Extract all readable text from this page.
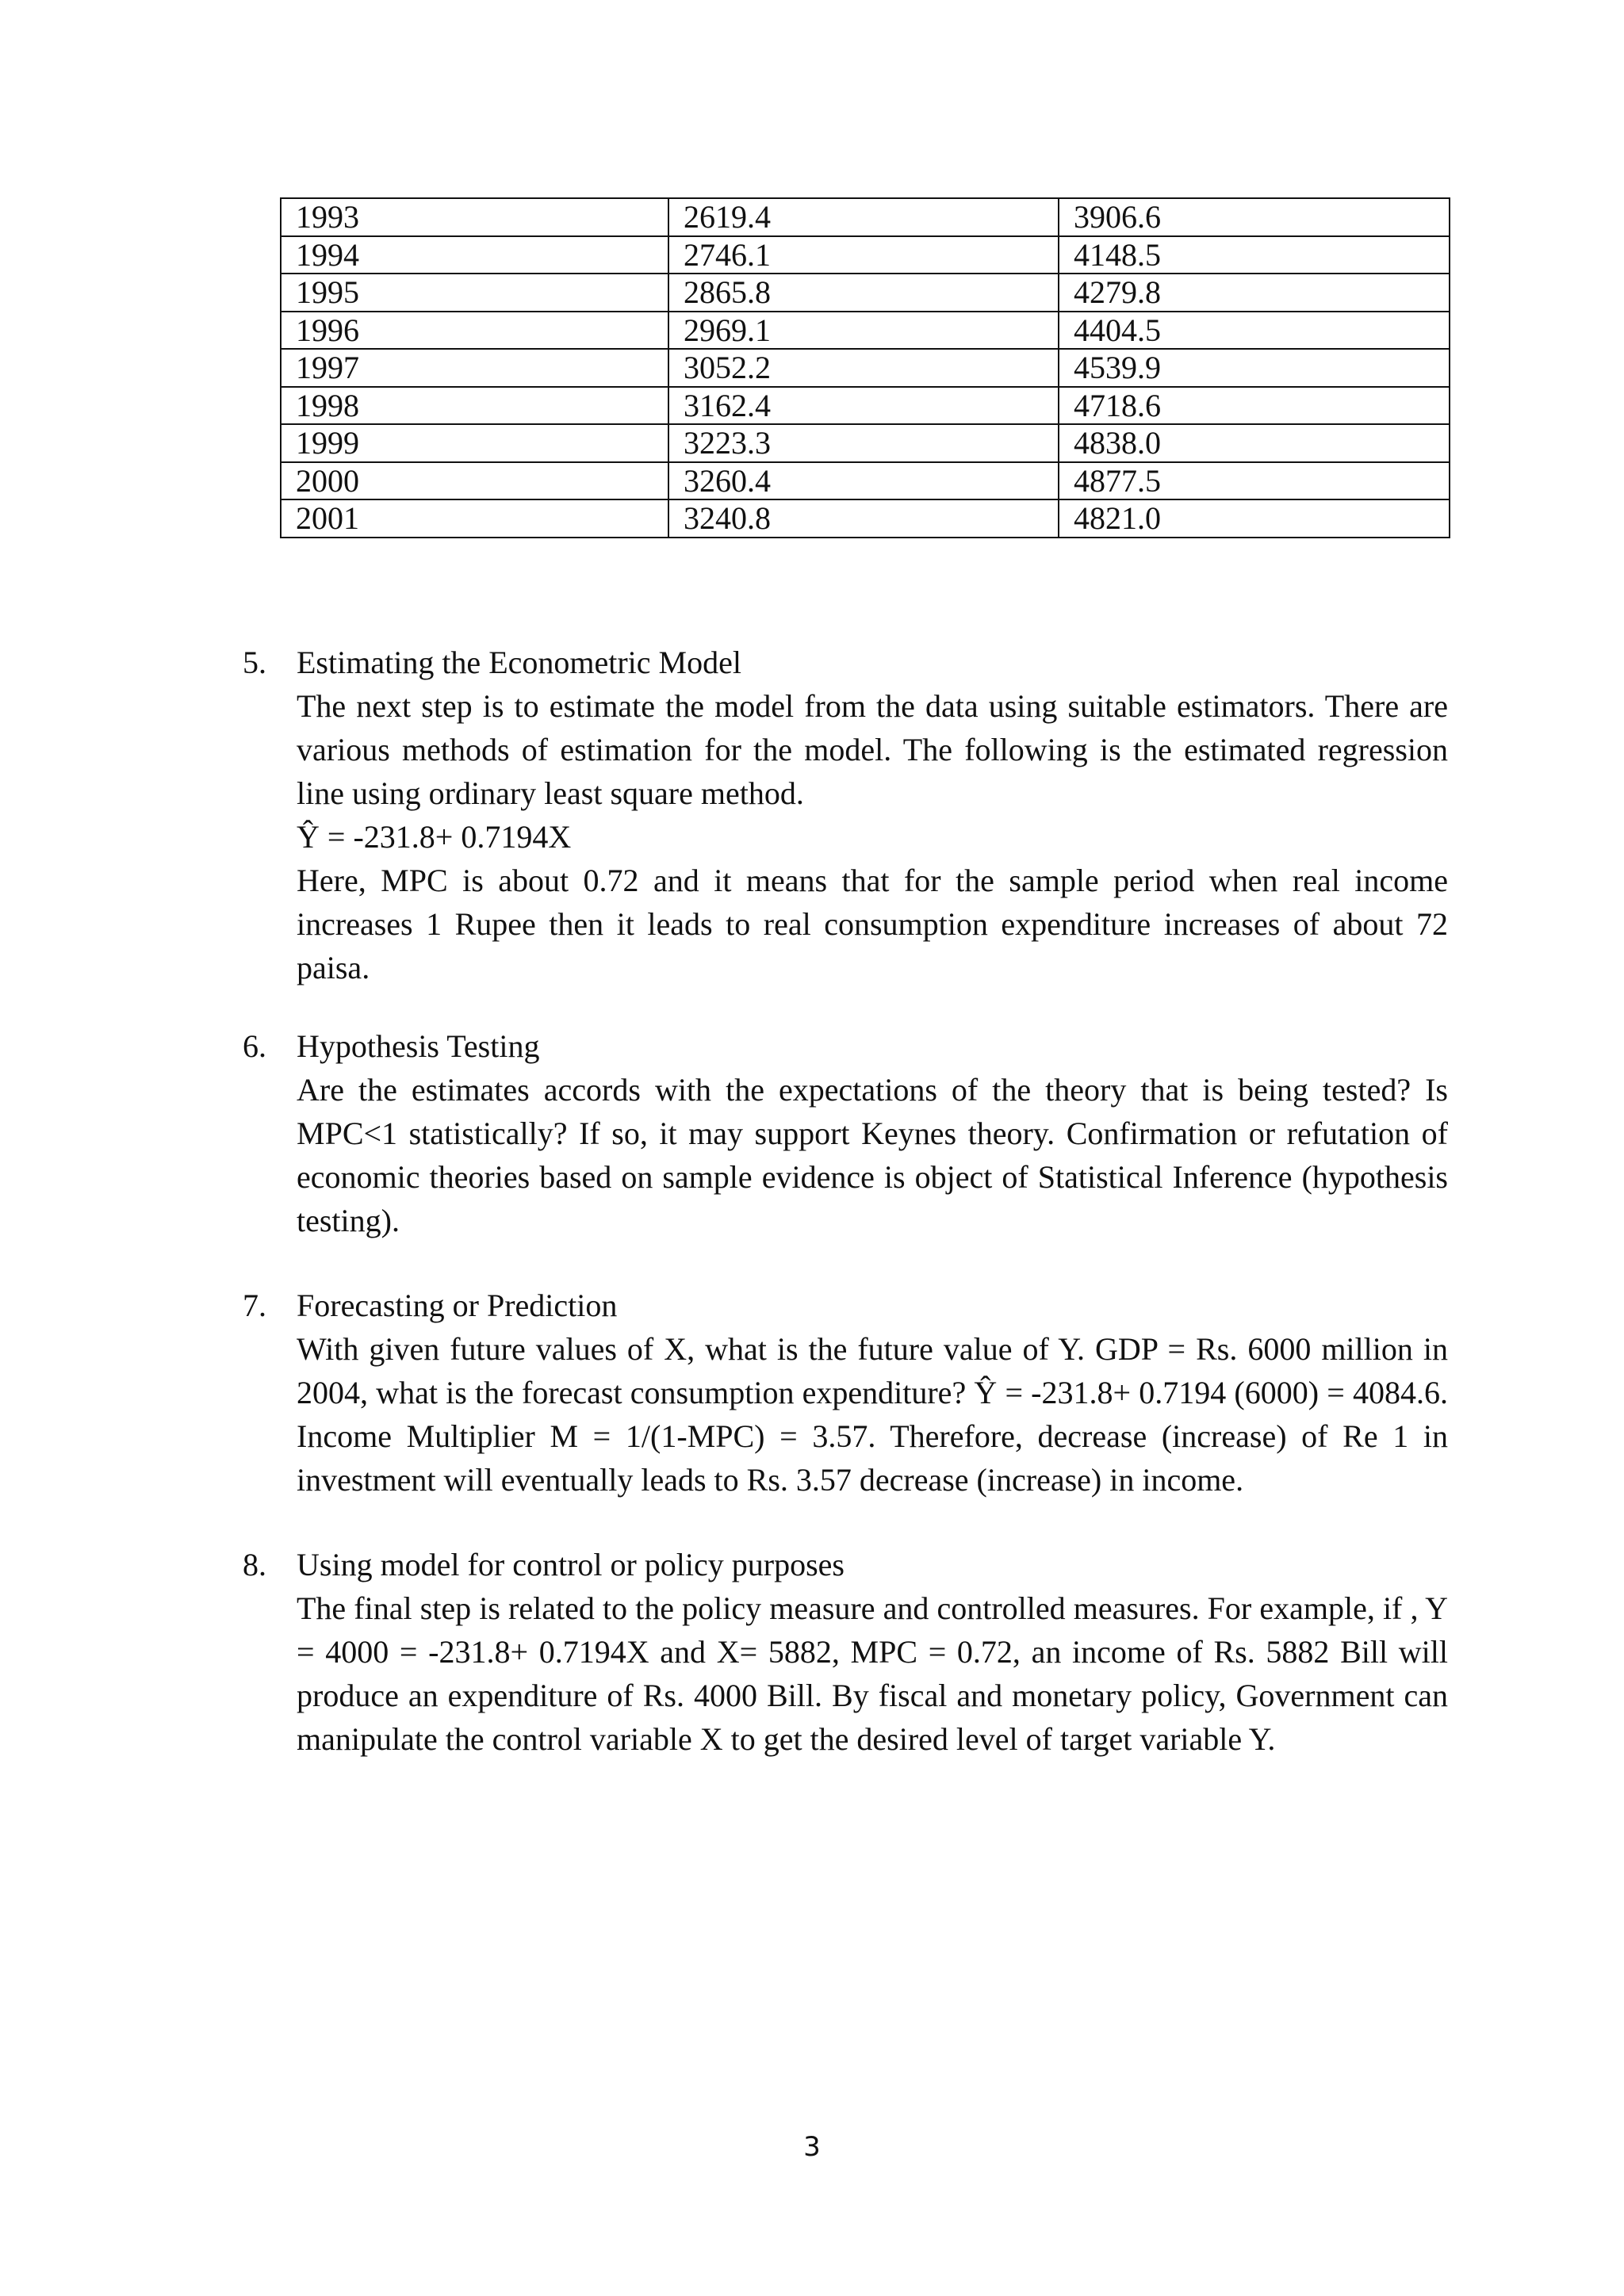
1993	2619.4	3906.6
1994	2746.1	4148.5
1995	2865.8	4279.8
1996	2969.1	4404.5
1997	3052.2	4539.9
1998	3162.4	4718.6
1999	3223.3	4838.0
2000	3260.4	4877.5
2001	3240.8	4821.0
5. Estimating the Econometric Model

The next step is to estimate the model from the data using suitable estimators. There are various methods of estimation for the model. The following is the estimated regression line using ordinary least square method.

Ŷ = -231.8+ 0.7194X

Here, MPC is about 0.72 and it means that for the sample period when real income increases 1 Rupee then it leads to real consumption expenditure increases of about 72 paisa.

6. Hypothesis Testing

Are the estimates accords with the expectations of the theory that is being tested? Is MPC<1 statistically? If so, it may support Keynes theory. Confirmation or refutation of economic theories based on sample evidence is object of Statistical Inference (hypothesis testing).

7. Forecasting or Prediction

With given future values of X, what is the future value of Y. GDP = Rs. 6000 million in 2004, what is the forecast consumption expenditure? Ŷ = -231.8+ 0.7194 (6000) = 4084.6. Income Multiplier M = 1/(1-MPC) = 3.57. Therefore, decrease (increase) of Re 1 in investment will eventually leads to Rs. 3.57 decrease (increase) in income.

8. Using model for control or policy purposes

The final step is related to the policy measure and controlled measures. For example, if , Y = 4000 = -231.8+ 0.7194X and X= 5882, MPC = 0.72, an income of Rs. 5882 Bill will produce an expenditure of Rs. 4000 Bill. By fiscal and monetary policy, Government can manipulate the control variable X to get the desired level of target variable Y.

3
